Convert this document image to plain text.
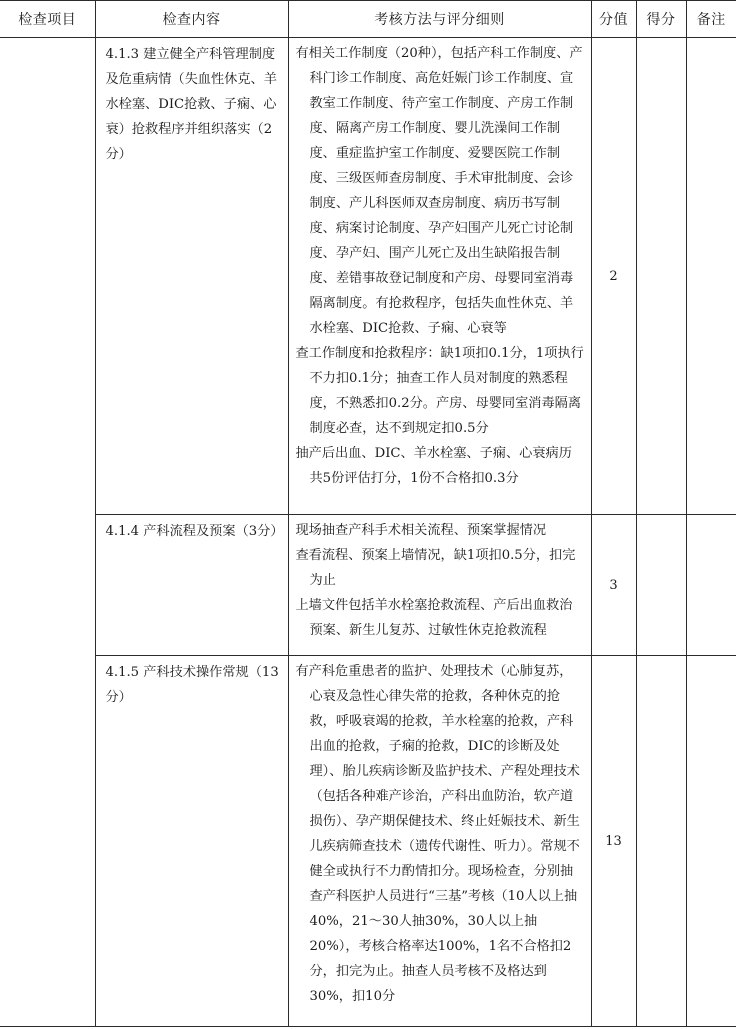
检查项目	检查内容	考核方法与评分细则	分值	得分	备注

	4.1.3 建立健全产科管理制度及危重病情（失血性休克、羊水栓塞、DIC抢救、子痫、心衰）抢救程序并组织落实（2分）	有相关工作制度（20种），包括产科工作制度、产科门诊工作制度、高危妊娠门诊工作制度、宣教室工作制度、待产室工作制度、产房工作制度、隔离产房工作制度、婴儿洗澡间工作制度、重症监护室工作制度、爱婴医院工作制度、三级医师查房制度、手术审批制度、会诊制度、产儿科医师双查房制度、病历书写制度、病案讨论制度、孕产妇围产儿死亡讨论制度、孕产妇、围产儿死亡及出生缺陷报告制度、差错事故登记制度和产房、母婴同室消毒隔离制度。有抢救程序，包括失血性休克、羊水栓塞、DIC抢救、子痫、心衰等

查工作制度和抢救程序：缺1项扣0.1分，1项执行不力扣0.1分；抽查工作人员对制度的熟悉程度，不熟悉扣0.2分。产房、母婴同室消毒隔离制度必查，达不到规定扣0.5分

抽产后出血、DIC、羊水栓塞、子痫、心衰病历共5份评估打分，1份不合格扣0.3分	2		

	4.1.4 产科流程及预案（3分）	现场抽查产科手术相关流程、预案掌握情况

查看流程、预案上墙情况，缺1项扣0.5分，扣完为止

上墙文件包括羊水栓塞抢救流程、产后出血救治预案、新生儿复苏、过敏性休克抢救流程	3		

	4.1.5 产科技术操作常规（13分）	有产科危重患者的监护、处理技术（心肺复苏，心衰及急性心律失常的抢救，各种休克的抢救，呼吸衰竭的抢救，羊水栓塞的抢救，产科出血的抢救，子痫的抢救，DIC的诊断及处理）、胎儿疾病诊断及监护技术、产程处理技术（包括各种难产诊治，产科出血防治，软产道损伤）、孕产期保健技术、终止妊娠技术、新生儿疾病筛查技术（遗传代谢性、听力）。常规不健全或执行不力酌情扣分。现场检查，分别抽查产科医护人员进行“三基”考核（10人以上抽40%，21～30人抽30%，30人以上抽20%），考核合格率达100%，1名不合格扣2分，扣完为止。抽查人员考核不及格达到30%，扣10分	13		
